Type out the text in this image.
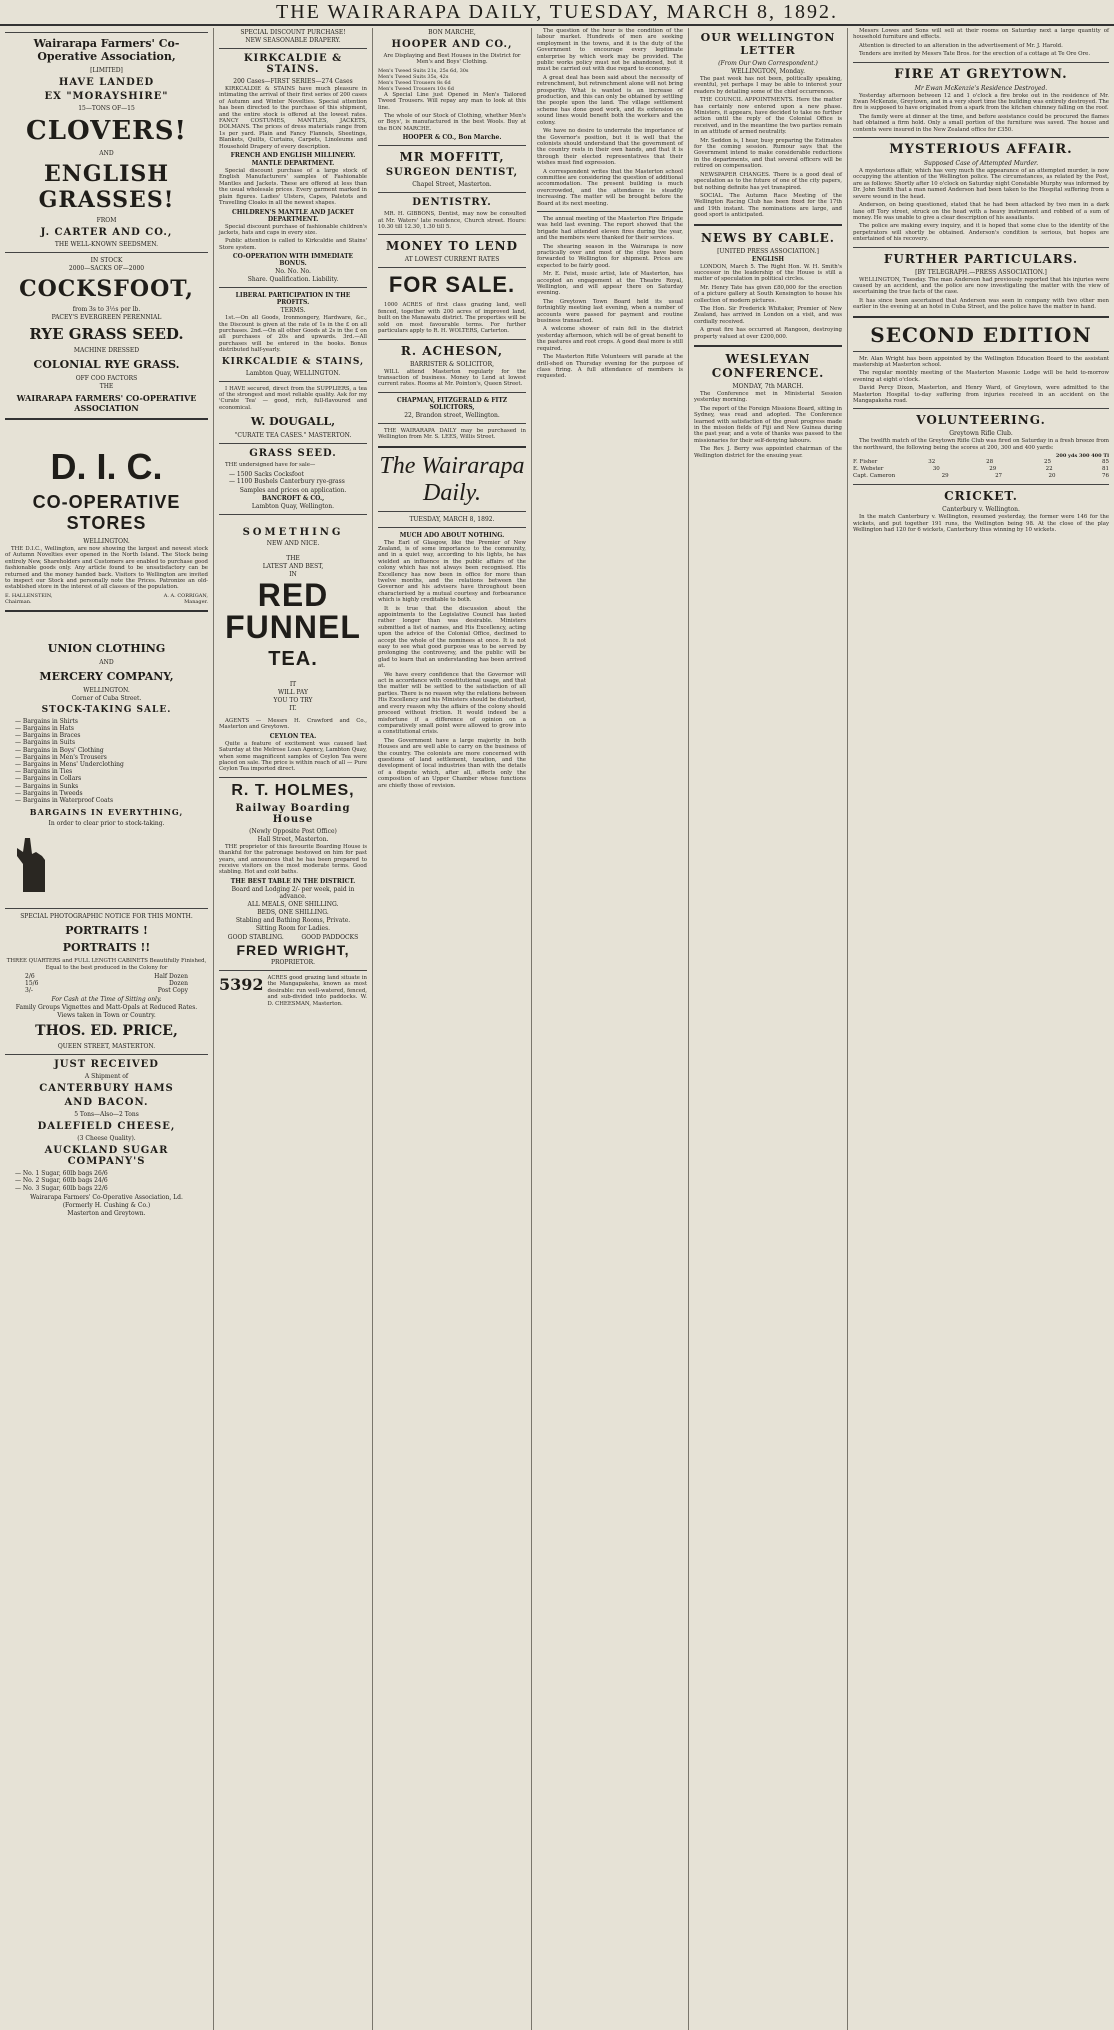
THE WAIRARAPA DAILY, TUESDAY, MARCH 8, 1892.
Wairarapa Farmers' Co-Operative Association,
[LIMITED]
HAVE LANDED
EX "MORAYSHIRE"
15—TONS OF—15
CLOVERS!
AND
ENGLISH GRASSES!
FROM
J. CARTER AND CO.,
THE WELL-KNOWN SEEDSMEN.
IN STOCK
2000—SACKS OF—2000
COCKSFOOT,
from 3s to 3½s per lb.
PACEY'S EVERGREEN PERENNIAL
RYE GRASS SEED.
MACHINE DRESSED
COLONIAL RYE GRASS.
OFF COO FACTORS
THE
WAIRARAPA FARMERS' CO-OPERATIVE ASSOCIATION
D. I. C.
CO-OPERATIVE STORES
WELLINGTON.

THE D.I.C., Wellington, are now showing the largest and newest stock of Autumn Novelties ever opened in the North Island. The Stock being entirely New, Shareholders and Customers are enabled to purchase good fashionable goods only. Any article found to be unsatisfactory can be returned and the money handed back. Visitors to Wellington are invited to inspect our Stock and personally note the Prices. Patronize an old-established store in the interest of all classes of the population.

E. HALLENSTEIN,
Chairman.
A. A. CORRIGAN,
Manager.
UNION CLOTHING
AND
MERCERY COMPANY,
WELLINGTON.
Corner of Cuba Street.
STOCK-TAKING SALE.
— Bargains in Shirts
— Bargains in Hats
— Bargains in Braces
— Bargains in Suits
— Bargains in Boys' Clothing
— Bargains in Men's Trousers
— Bargains in Mens' Underclothing
— Bargains in Ties
— Bargains in Collars
— Bargains in Sunks
— Bargains in Tweeds
— Bargains in Waterproof Coats
BARGAINS IN EVERYTHING,
In order to clear prior to stock-taking.
SPECIAL PHOTOGRAPHIC NOTICE FOR THIS MONTH.
PORTRAITS !
PORTRAITS !!

THREE QUARTERS and FULL LENGTH CABINETS Beautifully Finished, Equal to the best produced in the Colony for

2/6	Half Dozen
15/6	Dozen
3/-	Post Copy
For Cash at the Time of Sitting only.
Family Groups Vignettes and Matt-Opals at Reduced Rates.
Views taken in Town or Country.
THOS. ED. PRICE,
QUEEN STREET, MASTERTON.
JUST RECEIVED
A Shipment of
CANTERBURY HAMS
AND BACON.
5 Tons—Also—2 Tons
DALEFIELD CHEESE,
(3 Cheese Quality).
AUCKLAND SUGAR COMPANY'S
— No. 1 Sugar, 60lb bags 26/6
— No. 2 Sugar, 60lb bags 24/6
— No. 3 Sugar, 60lb bags 22/6
Wairarapa Farmers' Co-Operative Association, Ld.
(Formerly H. Cushing & Co.)
Masterton and Greytown.
SPECIAL DISCOUNT PURCHASE!
NEW SEASONABLE DRAPERY.
KIRKCALDIE & STAINS.
200 Cases—FIRST SERIES—274 Cases

KIRKCALDIE & STAINS have much pleasure in intimating the arrival of their first series of 200 cases of Autumn and Winter Novelties. Special attention has been directed to the purchase of this shipment, and the entire stock is offered at the lowest rates. FANCY COSTUMES, MANTLES, JACKETS, DOLMANS. The prices of dress materials range from 1s per yard. Plain and Fancy Flannels, Sheetings, Blankets, Quilts, Curtains, Carpets, Linoleums and Household Drapery of every description.

FRENCH AND ENGLISH MILLINERY.
MANTLE DEPARTMENT.

Special discount purchase of a large stock of English Manufacturers' samples of Fashionable Mantles and Jackets. These are offered at less than the usual wholesale prices. Every garment marked in plain figures. Ladies' Ulsters, Capes, Paletots and Travelling Cloaks in all the newest shapes.

CHILDREN'S MANTLE AND JACKET DEPARTMENT.

Special discount purchase of fashionable children's jackets, hats and caps in every size.

Public attention is called to Kirkcaldie and Stains' Store system.

CO-OPERATION WITH IMMEDIATE BONUS.
No. No. No.
Share. Qualification. Liability.
LIBERAL PARTICIPATION IN THE PROFITS.
TERMS.

1st.—On all Goods, Ironmongery, Hardware, &c., the Discount is given at the rate of 1s in the £ on all purchases. 2nd.—On all other Goods at 2s in the £ on all purchases of 20s and upwards. 3rd.—All purchases will be entered in the books. Bonus distributed half-yearly.

KIRKCALDIE & STAINS,
Lambton Quay, WELLINGTON.

I HAVE secured, direct from the SUPPLIERS, a tea of the strongest and most reliable quality. Ask for my 'Curate Tea' — good, rich, full-flavoured and economical.

W. DOUGALL,
"CURATE TEA CASES." MASTERTON.
GRASS SEED.

THE undersigned have for sale—

— 1500 Sacks Cocksfoot
— 1100 Bushels Canterbury rye-grass
Samples and prices on application.
BANCROFT & CO.,
Lambton Quay, Wellington.
SOMETHING
NEW AND NICE.
THE
LATEST AND BEST,
IN
RED FUNNEL
TEA.
IT
WILL PAY
YOU TO TRY
IT.

AGENTS — Messrs H. Crawford and Co., Masterton and Greytown.

CEYLON TEA.

Quite a feature of excitement was caused last Saturday at the Melrose Loan Agency, Lambton Quay, when some magnificent samples of Ceylon Tea were placed on sale. The price is within reach of all — Pure Ceylon Tea imported direct.

R. T. HOLMES,
Railway Boarding House
(Newly Opposite Post Office)
Hall Street, Masterton.

THE proprietor of this favourite Boarding House is thankful for the patronage bestowed on him for past years, and announces that he has been prepared to receive visitors on the most moderate terms. Good stabling. Hot and cold baths.

THE BEST TABLE IN THE DISTRICT.
Board and Lodging 2/- per week, paid in advance.
ALL MEALS, ONE SHILLING.
BEDS, ONE SHILLING.
Stabling and Bathing Rooms, Private.
Sitting Room for Ladies.
GOOD STABLING.	GOOD PADDOCKS
FRED WRIGHT,
PROPRIETOR.
5392 ACRES good grazing land situate in the Mangapakeha, known as most desirable: run well-watered, fenced, and sub-divided into paddocks. W. D. CHEESMAN, Masterton.

BON MARCHE,
HOOPER AND CO.,

Are Displaying and Best Houses in the District for Men's and Boys' Clothing.

Men's Tweed Suits 21s, 25s 6d, 30s
Men's Tweed Suits 35s, 42s
Men's Tweed Trousers 8s 6d
Men's Tweed Trousers 10s 6d

A Special Line just Opened in Men's Tailored Tweed Trousers. Will repay any man to look at this line.

The whole of our Stock of Clothing, whether Men's or Boys', is manufactured in the best Wools. Buy at the BON MARCHE.

HOOPER & CO., Bon Marche.
MR MOFFITT,
SURGEON DENTIST,
Chapel Street, Masterton.
DENTISTRY.

MR. H. GIBBONS, Dentist, may now be consulted at Mr. Waters' late residence, Church street. Hours: 10.30 till 12.30, 1.30 till 5.

MONEY TO LEND
AT LOWEST CURRENT RATES
FOR SALE.

1000 ACRES of first class grazing land, well fenced, together with 200 acres of improved land, built on the Manawatu district. The properties will be sold on most favourable terms. For further particulars apply to R. H. WOLTERS, Carterton.

R. ACHESON,
BARRISTER & SOLICITOR,

WILL attend Masterton regularly for the transaction of business. Money to Lend at lowest current rates. Rooms at Mr. Pointon's, Queen Street.

CHAPMAN, FITZGERALD & FITZ SOLICITORS,
22, Brandon street, Wellington.

THE WAIRARAPA DAILY may be purchased in Wellington from Mr. S. LEES, Willis Street.

The Wairarapa Daily.
TUESDAY, MARCH 8, 1892.
MUCH ADO ABOUT NOTHING.

The Earl of Glasgow, like the Premier of New Zealand, is of some importance to the community, and in a quiet way, according to his lights, he has wielded an influence in the public affairs of the colony which has not always been recognised. His Excellency has now been in office for more than twelve months, and the relations between the Governor and his advisers have throughout been characterised by a mutual courtesy and forbearance which is highly creditable to both.

It is true that the discussion about the appointments to the Legislative Council has lasted rather longer than was desirable. Ministers submitted a list of names, and His Excellency, acting upon the advice of the Colonial Office, declined to accept the whole of the nominees at once. It is not easy to see what good purpose was to be served by prolonging the controversy, and the public will be glad to learn that an understanding has been arrived at.

We have every confidence that the Governor will act in accordance with constitutional usage, and that the matter will be settled to the satisfaction of all parties. There is no reason why the relations between His Excellency and his Ministers should be disturbed, and every reason why the affairs of the colony should proceed without friction. It would indeed be a misfortune if a difference of opinion on a comparatively small point were allowed to grow into a constitutional crisis.

The Government have a large majority in both Houses and are well able to carry on the business of the country. The colonists are more concerned with questions of land settlement, taxation, and the development of local industries than with the details of a dispute which, after all, affects only the composition of an Upper Chamber whose functions are chiefly those of revision.

The question of the hour is the condition of the labour market. Hundreds of men are seeking employment in the towns, and it is the duty of the Government to encourage every legitimate enterprise by which work may be provided. The public works policy must not be abandoned, but it must be carried out with due regard to economy.

A great deal has been said about the necessity of retrenchment, but retrenchment alone will not bring prosperity. What is wanted is an increase of production, and this can only be obtained by settling the people upon the land. The village settlement scheme has done good work, and its extension on sound lines would benefit both the workers and the colony.

We have no desire to underrate the importance of the Governor's position, but it is well that the colonists should understand that the government of the country rests in their own hands, and that it is through their elected representatives that their wishes must find expression.

A correspondent writes that the Masterton school committee are considering the question of additional accommodation. The present building is much overcrowded, and the attendance is steadily increasing. The matter will be brought before the Board at its next meeting.

The annual meeting of the Masterton Fire Brigade was held last evening. The report showed that the brigade had attended eleven fires during the year, and the members were thanked for their services.

The shearing season in the Wairarapa is now practically over and most of the clips have been forwarded to Wellington for shipment. Prices are expected to be fairly good.

Mr. E. Feist, music artist, late of Masterton, has accepted an engagement at the Theatre Royal, Wellington, and will appear there on Saturday evening.

The Greytown Town Board held its usual fortnightly meeting last evening, when a number of accounts were passed for payment and routine business transacted.

A welcome shower of rain fell in the district yesterday afternoon, which will be of great benefit to the pastures and root crops. A good deal more is still required.

The Masterton Rifle Volunteers will parade at the drill-shed on Thursday evening for the purpose of class firing. A full attendance of members is requested.

OUR WELLINGTON LETTER
(From Our Own Correspondent.)
WELLINGTON, Monday.

The past week has not been, politically speaking, eventful, yet perhaps I may be able to interest your readers by detailing some of the chief occurrences.

THE COUNCIL APPOINTMENTS. Here the matter has certainly now entered upon a new phase. Ministers, it appears, have decided to take no further action until the reply of the Colonial Office is received, and in the meantime the two parties remain in an attitude of armed neutrality.

Mr. Seddon is, I hear, busy preparing the Estimates for the coming session. Rumour says that the Government intend to make considerable reductions in the departments, and that several officers will be retired on compensation.

NEWSPAPER CHANGES. There is a good deal of speculation as to the future of one of the city papers, but nothing definite has yet transpired.

SOCIAL. The Autumn Race Meeting of the Wellington Racing Club has been fixed for the 17th and 19th instant. The nominations are large, and good sport is anticipated.

NEWS BY CABLE.
[UNITED PRESS ASSOCIATION.]
ENGLISH

LONDON, March 5. The Right Hon. W. H. Smith's successor in the leadership of the House is still a matter of speculation in political circles.

Mr. Henry Tate has given £80,000 for the erection of a picture gallery at South Kensington to house his collection of modern pictures.

The Hon. Sir Frederick Whitaker, Premier of New Zealand, has arrived in London on a visit, and was cordially received.

A great fire has occurred at Rangoon, destroying property valued at over £200,000.

WESLEYAN CONFERENCE.
MONDAY, 7th MARCH.

The Conference met in Ministerial Session yesterday morning.

The report of the Foreign Missions Board, sitting in Sydney, was read and adopted. The Conference learned with satisfaction of the great progress made in the mission fields of Fiji and New Guinea during the past year, and a vote of thanks was passed to the missionaries for their self-denying labours.

The Rev. J. Berry was appointed chairman of the Wellington district for the ensuing year.

Messrs Lowes and Sons will sell at their rooms on Saturday next a large quantity of household furniture and effects.

Attention is directed to an alteration in the advertisement of Mr. J. Harold.

Tenders are invited by Messrs Tate Bros. for the erection of a cottage at Te Ore Ore.

FIRE AT GREYTOWN.
Mr Ewan McKenzie's Residence Destroyed.

Yesterday afternoon between 12 and 1 o'clock a fire broke out in the residence of Mr. Ewan McKenzie, Greytown, and in a very short time the building was entirely destroyed. The fire is supposed to have originated from a spark from the kitchen chimney falling on the roof.

The family were at dinner at the time, and before assistance could be procured the flames had obtained a firm hold. Only a small portion of the furniture was saved. The house and contents were insured in the New Zealand office for £350.

MYSTERIOUS AFFAIR.
Supposed Case of Attempted Murder.

A mysterious affair, which has very much the appearance of an attempted murder, is now occupying the attention of the Wellington police. The circumstances, as related by the Post, are as follows: Shortly after 10 o'clock on Saturday night Constable Murphy was informed by Dr. John Smith that a man named Anderson had been taken to the Hospital suffering from a severe wound in the head.

Anderson, on being questioned, stated that he had been attacked by two men in a dark lane off Tory street, struck on the head with a heavy instrument and robbed of a sum of money. He was unable to give a clear description of his assailants.

The police are making every inquiry, and it is hoped that some clue to the identity of the perpetrators will shortly be obtained. Anderson's condition is serious, but hopes are entertained of his recovery.

FURTHER PARTICULARS.
[BY TELEGRAPH.—PRESS ASSOCIATION.]

WELLINGTON, Tuesday. The man Anderson had previously reported that his injuries were caused by an accident, and the police are now investigating the matter with the view of ascertaining the true facts of the case.

It has since been ascertained that Anderson was seen in company with two other men earlier in the evening at an hotel in Cuba Street, and the police have the matter in hand.

SECOND EDITION

Mr. Alan Wright has been appointed by the Wellington Education Board to the assistant mastership at Masterton school.

The regular monthly meeting of the Masterton Masonic Lodge will be held to-morrow evening at eight o'clock.

David Percy Dixon, Masterton, and Henry Ward, of Greytown, were admitted to the Masterton Hospital to-day suffering from injuries received in an accident on the Mangapakeha road.

VOLUNTEERING.
Greytown Rifle Club.

The twelfth match of the Greytown Rifle Club was fired on Saturday in a fresh breeze from the northward, the following being the scores at 200, 300 and 400 yards:

200 yds 300 400 Tl
F. Fisher	32	28	25	85
E. Webster	30	29	22	81
Capt. Cameron	29	27	20	76
CRICKET.
Canterbury v. Wellington.

In the match Canterbury v. Wellington, resumed yesterday, the former were 146 for the wickets, and put together 191 runs, the Wellington being 98. At the close of the play Wellington had 120 for 6 wickets, Canterbury thus winning by 10 wickets.
